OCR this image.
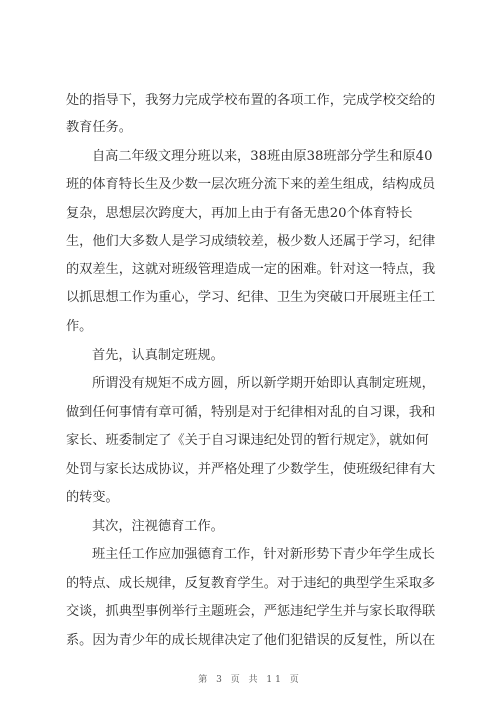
处的指导下，我努力完成学校布置的各项工作，完成学校交给的
教育任务。
自高二年级文理分班以来，38班由原38班部分学生和原40
班的体育特长生及少数一层次班分流下来的差生组成，结构成员
复杂，思想层次跨度大，再加上由于有备无患20个体育特长
生，他们大多数人是学习成绩较差，极少数人还属于学习，纪律
的双差生，这就对班级管理造成一定的困难。针对这一特点，我
以抓思想工作为重心，学习、纪律、卫生为突破口开展班主任工
作。
首先，认真制定班规。
所谓没有规矩不成方圆，所以新学期开始即认真制定班规，
做到任何事情有章可循，特别是对于纪律相对乱的自习课，我和
家长、班委制定了《关于自习课违纪处罚的暂行规定》，就如何
处罚与家长达成协议，并严格处理了少数学生，使班级纪律有大
的转变。
其次，注视德育工作。
班主任工作应加强德育工作，针对新形势下青少年学生成长
的特点、成长规律，反复教育学生。对于违纪的典型学生采取多
交谈，抓典型事例举行主题班会，严惩违纪学生并与家长取得联
系。因为青少年的成长规律决定了他们犯错误的反复性，所以在
第 3 页 共 11 页
